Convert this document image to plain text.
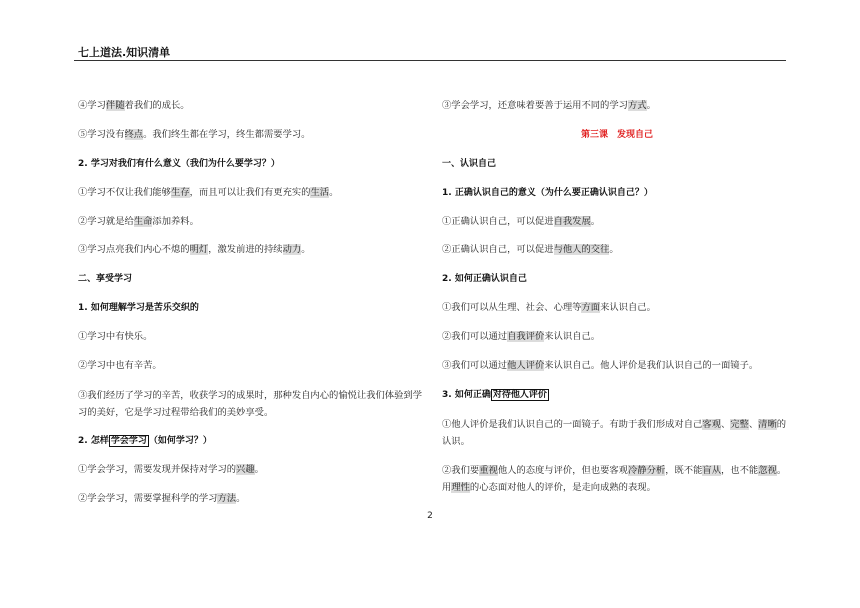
七上道法.知识清单
④学习伴随着我们的成长。
⑤学习没有终点。我们终生都在学习，终生都需要学习。
2. 学习对我们有什么意义（我们为什么要学习？）
①学习不仅让我们能够生存，而且可以让我们有更充实的生活。
②学习就是给生命添加养料。
③学习点亮我们内心不熄的明灯，激发前进的持续动力。
二、享受学习
1. 如何理解学习是苦乐交织的
①学习中有快乐。
②学习中也有辛苦。
③我们经历了学习的辛苦，收获学习的成果时，那种发自内心的愉悦让我们体验到学习的美好，它是学习过程带给我们的美妙享受。
2. 怎样 学会学习 （如何学习？）
①学会学习，需要发现并保持对学习的兴趣。
②学会学习，需要掌握科学的学习方法。
③学会学习，还意味着要善于运用不同的学习方式。
第三课　发现自己
一、认识自己
1. 正确认识自己的意义（为什么要正确认识自己？）
①正确认识自己，可以促进自我发展。
②正确认识自己，可以促进与他人的交往。
2. 如何正确认识自己
①我们可以从生理、社会、心理等方面来认识自己。
②我们可以通过自我评价来认识自己。
③我们可以通过他人评价来认识自己。他人评价是我们认识自己的一面镜子。
3. 如何正确 对待他人评价
①他人评价是我们认识自己的一面镜子。有助于我们形成对自己客观、完整、清晰的认识。
②我们要重视他人的态度与评价，但也要客观冷静分析，既不能盲从，也不能忽视。用理性的心态面对他人的评价，是走向成熟的表现。
2
